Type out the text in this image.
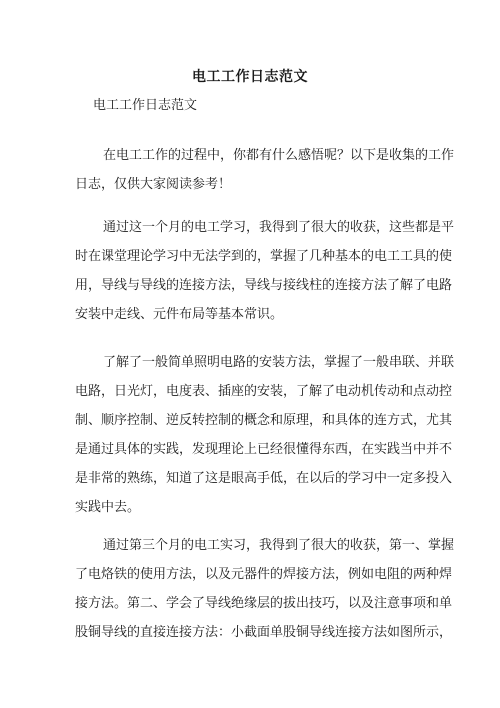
电工工作日志范文
电工工作日志范文
在电工工作的过程中，你都有什么感悟呢？以下是收集的工作
日志，仅供大家阅读参考！
通过这一个月的电工学习，我得到了很大的收获，这些都是平
时在课堂理论学习中无法学到的，掌握了几种基本的电工工具的使
用，导线与导线的连接方法，导线与接线柱的连接方法了解了电路
安装中走线、元件布局等基本常识。
了解了一般简单照明电路的安装方法，掌握了一般串联、并联
电路，日光灯，电度表、插座的安装，了解了电动机传动和点动控
制、顺序控制、逆反转控制的概念和原理，和具体的连方式，尤其
是通过具体的实践，发现理论上已经很懂得东西，在实践当中并不
是非常的熟练，知道了这是眼高手低，在以后的学习中一定多投入
实践中去。
通过第三个月的电工实习，我得到了很大的收获，第一、掌握
了电烙铁的使用方法，以及元器件的焊接方法，例如电阻的两种焊
接方法。第二、学会了导线绝缘层的拔出技巧，以及注意事项和单
股铜导线的直接连接方法：小截面单股铜导线连接方法如图所示，
